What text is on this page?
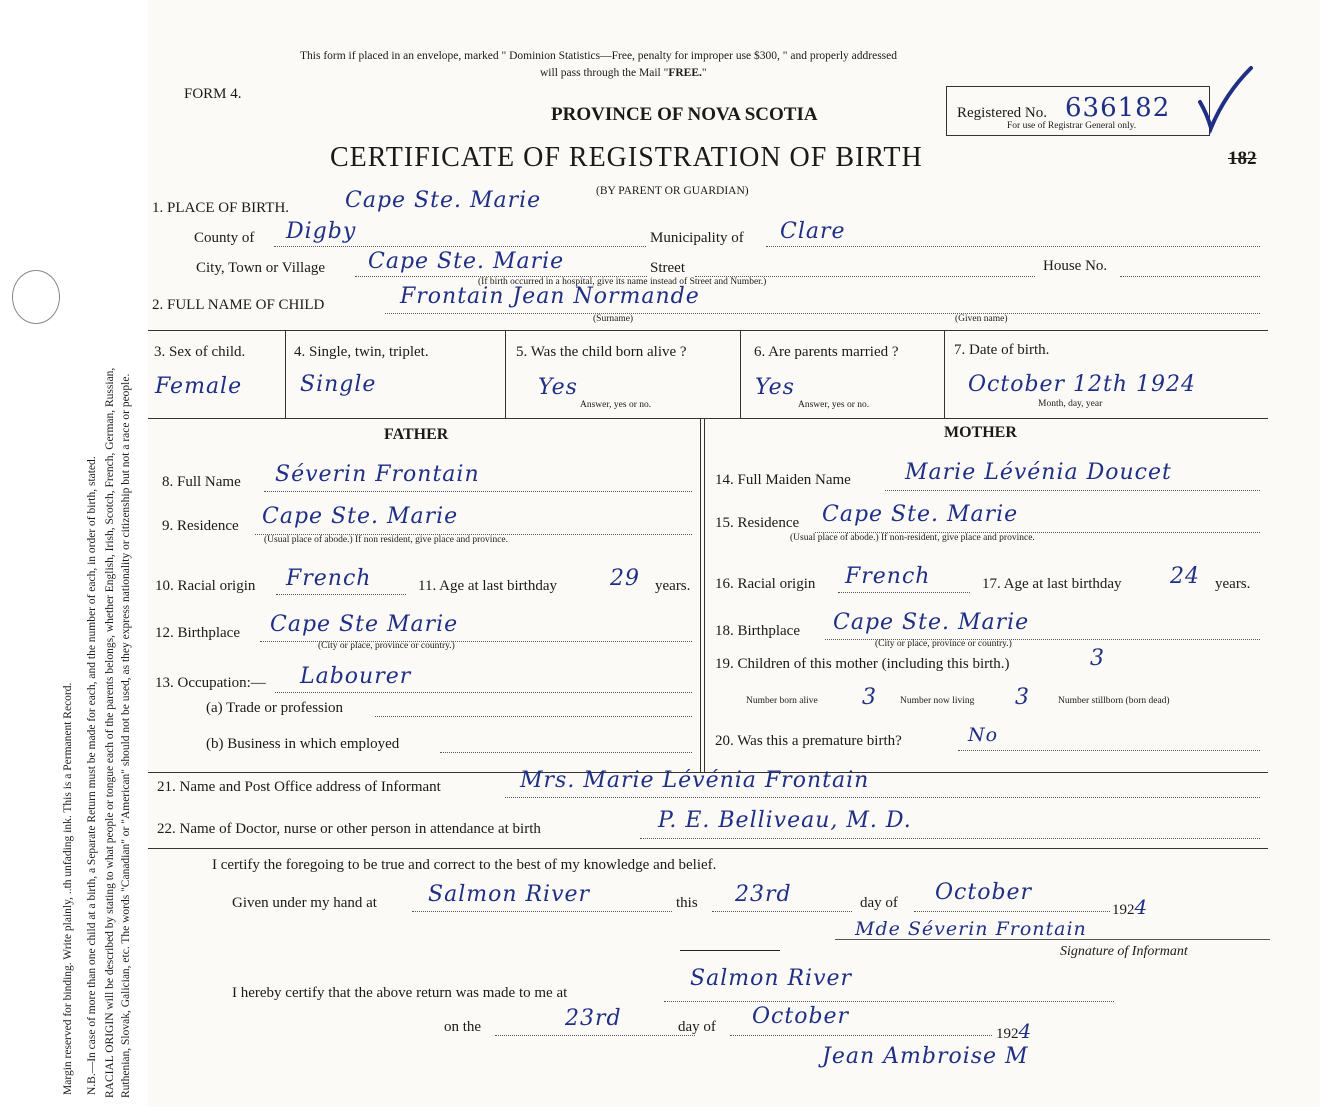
Margin reserved for binding. Write plainly, ..th unfading ink. This is a Permanent Record. N.B.—In case of more than one child at a birth, a Separate Return must be made for each, and the number of each, in order of birth, stated. RACIAL ORIGIN will be described by stating to what people or tongue each of the parents belongs, whether English, Irish, Scotch, French, German, Russian, Ruthenian, Slovak, Galician, etc. The words "Canadian" or "American" should not be used, as they express nationality or citizenship but not a race or people.
This form if placed in an envelope, marked " Dominion Statistics—Free, penalty for improper use $300, " and properly addressed
will pass through the Mail "FREE."
FORM 4.
PROVINCE OF NOVA SCOTIA	Registered No. 636182
For use of Registrar General only.
182
CERTIFICATE OF REGISTRATION OF BIRTH
(BY PARENT OR GUARDIAN)
1. PLACE OF BIRTH.	Cape Ste. Marie
County of Digby	Municipality of Clare
City, Town or Village Cape Ste. Marie	Street	House No.
(If birth occurred in a hospital, give its name instead of Street and Number.)
2. FULL NAME OF CHILD	Frontain Jean Normande
(Surname)	(Given name)
3. Sex of child.
Female
4. Single, twin, triplet.
Single
5. Was the child born alive ?
Yes
Answer, yes or no.
6. Are parents married ?
Yes
Answer, yes or no.
7. Date of birth.
October 12th 1924
Month, day, year
FATHER	MOTHER
8. Full Name Séverin Frontain
9. Residence Cape Ste. Marie
(Usual place of abode.) If non resident, give place and province.
10. Racial origin French	11. Age at last birthday 29 years.
12. Birthplace Cape Ste Marie
(City or place, province or country.)
13. Occupation:— Labourer
(a) Trade or profession
(b) Business in which employed
14. Full Maiden Name Marie Lévénia Doucet
15. Residence Cape Ste. Marie
(Usual place of abode.) If non-resident, give place and province.
16. Racial origin French	17. Age at last birthday 24 years.
18. Birthplace Cape Ste. Marie
(City or place, province or country.)
19. Children of this mother (including this birth.)	3
Number born alive 3 Number now living 3	Number stillborn (born dead)
20. Was this a premature birth?	No
21. Name and Post Office address of Informant	Mrs. Marie Lévénia Frontain
22. Name of Doctor, nurse or other person in attendance at birth	P. E. Belliveau, M. D.
I certify the foregoing to be true and correct to the best of my knowledge and belief.
Given under my hand at Salmon River	this 23rd	day of October
1924
Mde Séverin Frontain
Signature of Informant
I hereby certify that the above return was made to me at
Salmon River
on the	23rd	day of October
1924
Jean Ambroise M
